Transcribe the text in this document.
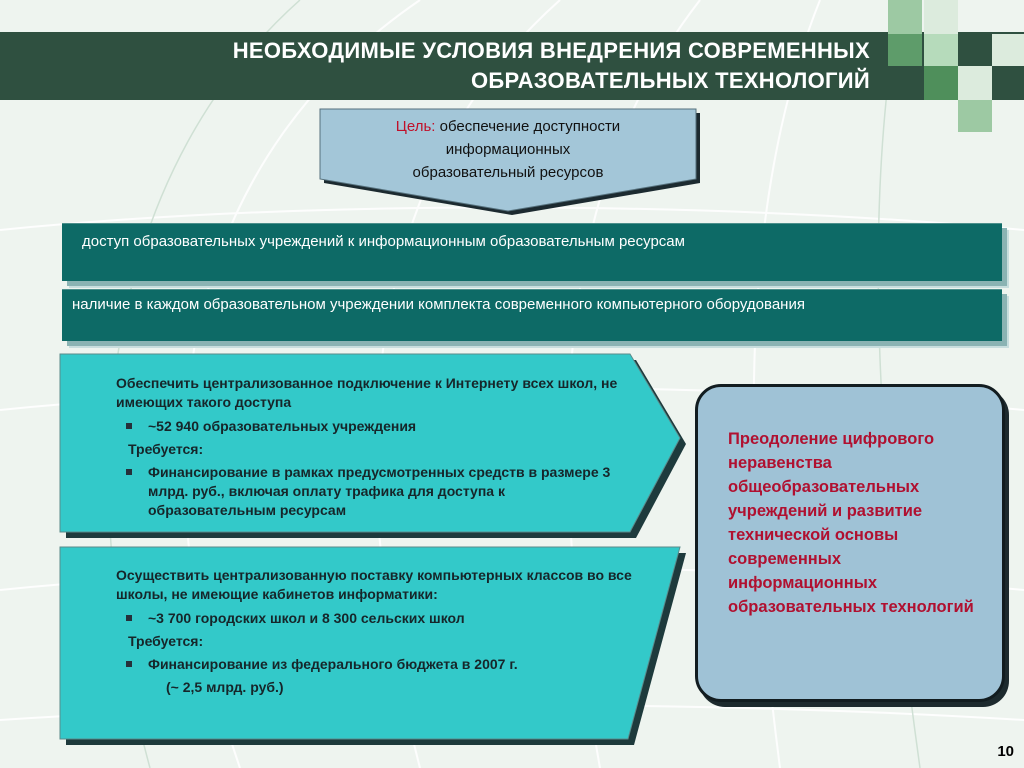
НЕОБХОДИМЫЕ УСЛОВИЯ ВНЕДРЕНИЯ СОВРЕМЕННЫХ
ОБРАЗОВАТЕЛЬНЫХ ТЕХНОЛОГИЙ
Цель: обеспечение доступности
информационных
образовательный ресурсов
доступ образовательных учреждений к информационным образовательным ресурсам
наличие в каждом образовательном учреждении комплекта современного компьютерного оборудования
Обеспечить централизованное подключение к Интернету всех школ, не имеющих такого доступа
~52 940 образовательных учреждения
Требуется:
Финансирование в рамках предусмотренных средств в размере 3 млрд. руб., включая оплату трафика для доступа к образовательным ресурсам
Осуществить централизованную поставку компьютерных классов во все школы, не имеющие кабинетов информатики:
~3 700 городских школ и 8 300 сельских школ
Требуется:
Финансирование из федерального бюджета в 2007 г.
(~ 2,5 млрд. руб.)
Преодоление цифрового неравенства общеобразовательных учреждений и развитие технической основы современных информационных образовательных технологий
10
